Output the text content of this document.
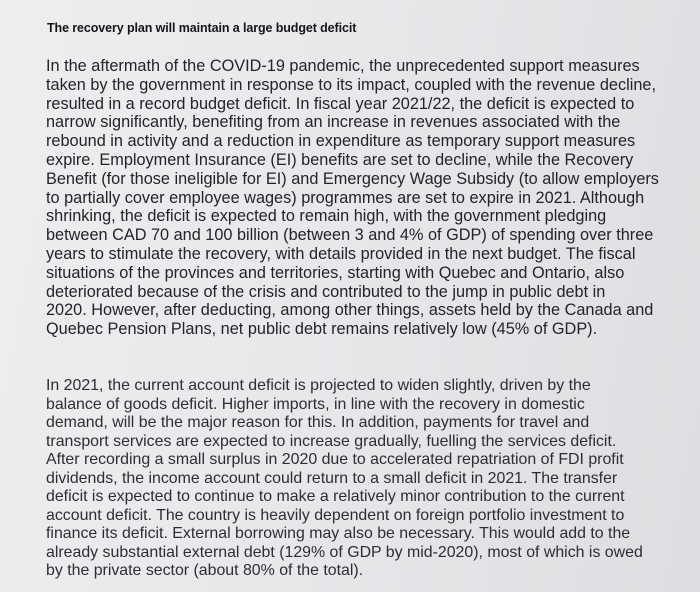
The recovery plan will maintain a large budget deficit
In the aftermath of the COVID-19 pandemic, the unprecedented support measures
taken by the government in response to its impact, coupled with the revenue decline,
resulted in a record budget deficit. In fiscal year 2021/22, the deficit is expected to
narrow significantly, benefiting from an increase in revenues associated with the
rebound in activity and a reduction in expenditure as temporary support measures
expire. Employment Insurance (EI) benefits are set to decline, while the Recovery
Benefit (for those ineligible for EI) and Emergency Wage Subsidy (to allow employers
to partially cover employee wages) programmes are set to expire in 2021. Although
shrinking, the deficit is expected to remain high, with the government pledging
between CAD 70 and 100 billion (between 3 and 4% of GDP) of spending over three
years to stimulate the recovery, with details provided in the next budget. The fiscal
situations of the provinces and territories, starting with Quebec and Ontario, also
deteriorated because of the crisis and contributed to the jump in public debt in
2020. However, after deducting, among other things, assets held by the Canada and
Quebec Pension Plans, net public debt remains relatively low (45% of GDP).
In 2021, the current account deficit is projected to widen slightly, driven by the
balance of goods deficit. Higher imports, in line with the recovery in domestic
demand, will be the major reason for this. In addition, payments for travel and
transport services are expected to increase gradually, fuelling the services deficit.
After recording a small surplus in 2020 due to accelerated repatriation of FDI profit
dividends, the income account could return to a small deficit in 2021. The transfer
deficit is expected to continue to make a relatively minor contribution to the current
account deficit. The country is heavily dependent on foreign portfolio investment to
finance its deficit. External borrowing may also be necessary. This would add to the
already substantial external debt (129% of GDP by mid-2020), most of which is owed
by the private sector (about 80% of the total).
